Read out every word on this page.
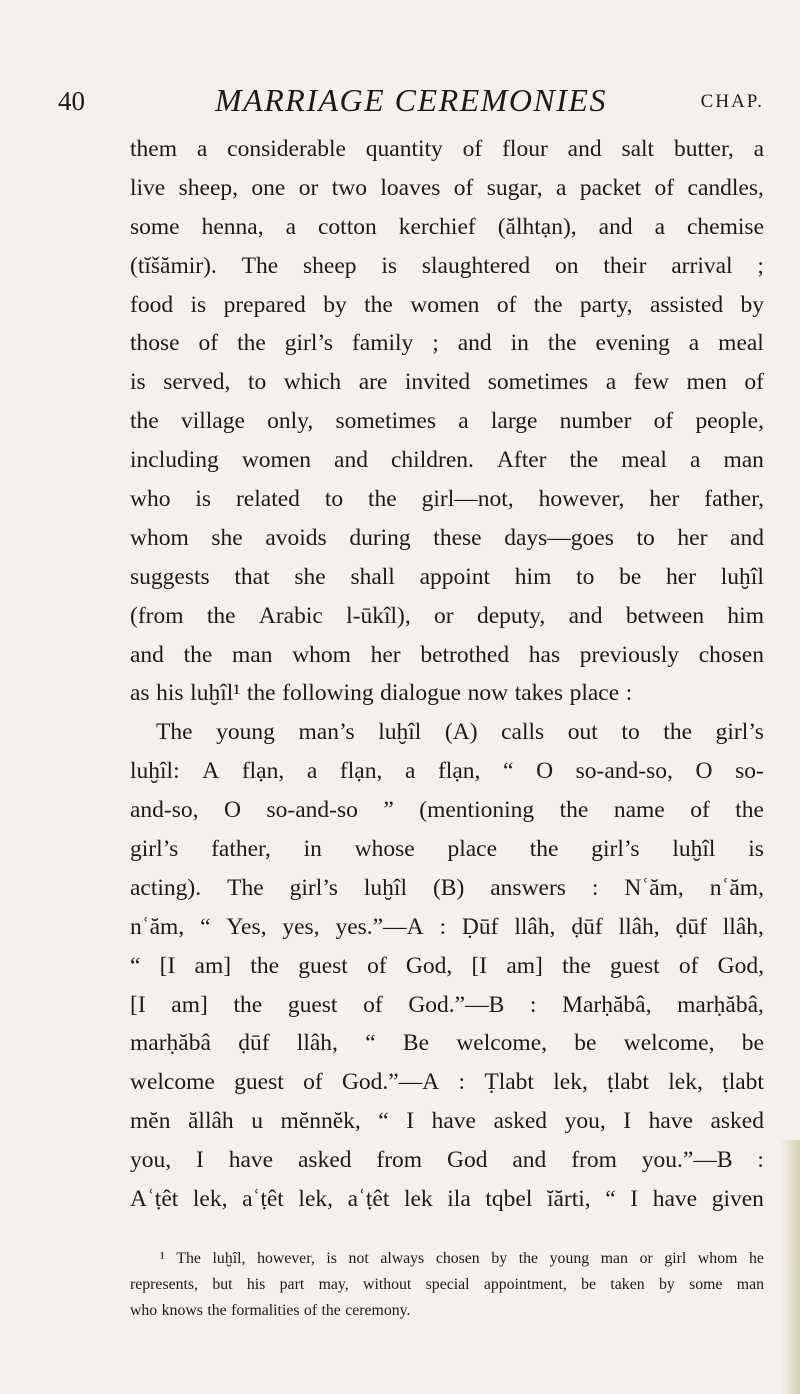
40	MARRIAGE CEREMONIES	CHAP.
them a considerable quantity of flour and salt butter, a
live sheep, one or two loaves of sugar, a packet of candles,
some henna, a cotton kerchief (ălhtạn), and a chemise
(tĭšămir). The sheep is slaughtered on their arrival ;
food is prepared by the women of the party, assisted by
those of the girl’s family ; and in the evening a meal
is served, to which are invited sometimes a few men of
the village only, sometimes a large number of people,
including women and children. After the meal a man
who is related to the girl—not, however, her father,
whom she avoids during these days—goes to her and
suggests that she shall appoint him to be her luḫîl
(from the Arabic l-ūkîl), or deputy, and between him
and the man whom her betrothed has previously chosen
as his luḫîl¹ the following dialogue now takes place :
The young man’s luḫîl (A) calls out to the girl’s
luḫîl: A flạn, a flạn, a flạn, “ O so-and-so, O so-
and-so, O so-and-so ” (mentioning the name of the
girl’s father, in whose place the girl’s luḫîl is
acting). The girl’s luḫîl (B) answers : Nʿăm, nʿăm,
nʿăm, “ Yes, yes, yes.”—A : Ḍūf llâh, ḍūf llâh, ḍūf llâh,
“ [I am] the guest of God, [I am] the guest of God,
[I am] the guest of God.”—B : Marḥăbâ, marḥăbâ,
marḥăbâ ḍūf llâh, “ Be welcome, be welcome, be
welcome guest of God.”—A : Ṭlabt lek, ṭlabt lek, ṭlabt
mĕn ăllâh u mĕnnĕk, “ I have asked you, I have asked
you, I have asked from God and from you.”—B :
Aʿṭêt lek, aʿṭêt lek, aʿṭêt lek ila tqbel ĭărti, “ I have given
¹ The luḫîl, however, is not always chosen by the young man or girl whom he
represents, but his part may, without special appointment, be taken by some man
who knows the formalities of the ceremony.
